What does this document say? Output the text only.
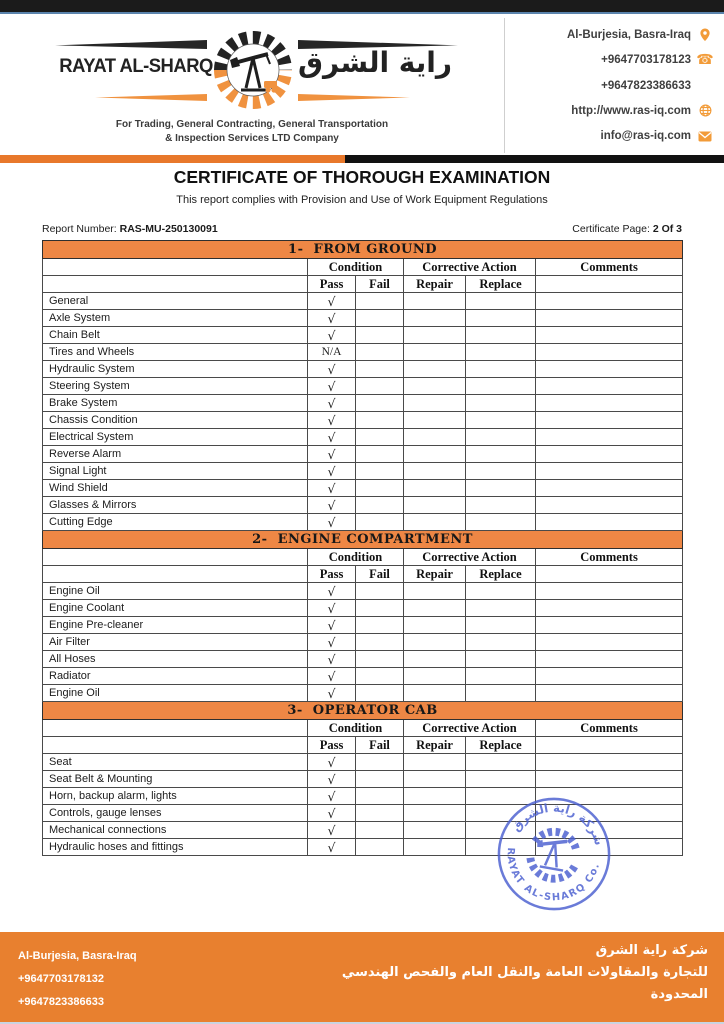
RAYAT AL-SHARQ	راية الشرق
For Trading, General Contracting, General Transportation
& Inspection Services LTD Company
Al-Burjesia, Basra-Iraq
+9647703178123 ☎
+9647823386633
http://www.ras-iq.com
info@ras-iq.com
CERTIFICATE OF THOROUGH EXAMINATION
This report complies with Provision and Use of Work Equipment Regulations
Report Number: RAS-MU-250130091	Certificate Page: 2 Of 3
1-  FROM GROUND					
	Condition		Corrective Action		Comments
	Pass	Fail	Repair	Replace	
General	√				
Axle System	√				
Chain Belt	√				
Tires and Wheels	N/A				
Hydraulic System	√				
Steering System	√				
Brake System	√				
Chassis Condition	√				
Electrical System	√				
Reverse Alarm	√				
Signal Light	√				
Wind Shield	√				
Glasses & Mirrors	√				
Cutting Edge	√				
2-  ENGINE COMPARTMENT					
	Condition		Corrective Action		Comments
	Pass	Fail	Repair	Replace	
Engine Oil	√				
Engine Coolant	√				
Engine Pre-cleaner	√				
Air Filter	√				
All Hoses	√				
Radiator	√				
Engine Oil	√				
3-  OPERATOR CAB					
	Condition		Corrective Action		Comments
	Pass	Fail	Repair	Replace	
Seat	√				
Seat Belt & Mounting	√				
Horn, backup alarm, lights	√				
Controls, gauge lenses	√				
Mechanical connections	√				
Hydraulic hoses and fittings	√				
شركة راية الشرق
RAYAT AL-SHARQ Co.
Al-Burjesia, Basra-Iraq
+9647703178132
+9647823386633
شركة راية الشرق
للتجارة والمقاولات العامة والنقل العام والفحص الهندسي
المحدودة
